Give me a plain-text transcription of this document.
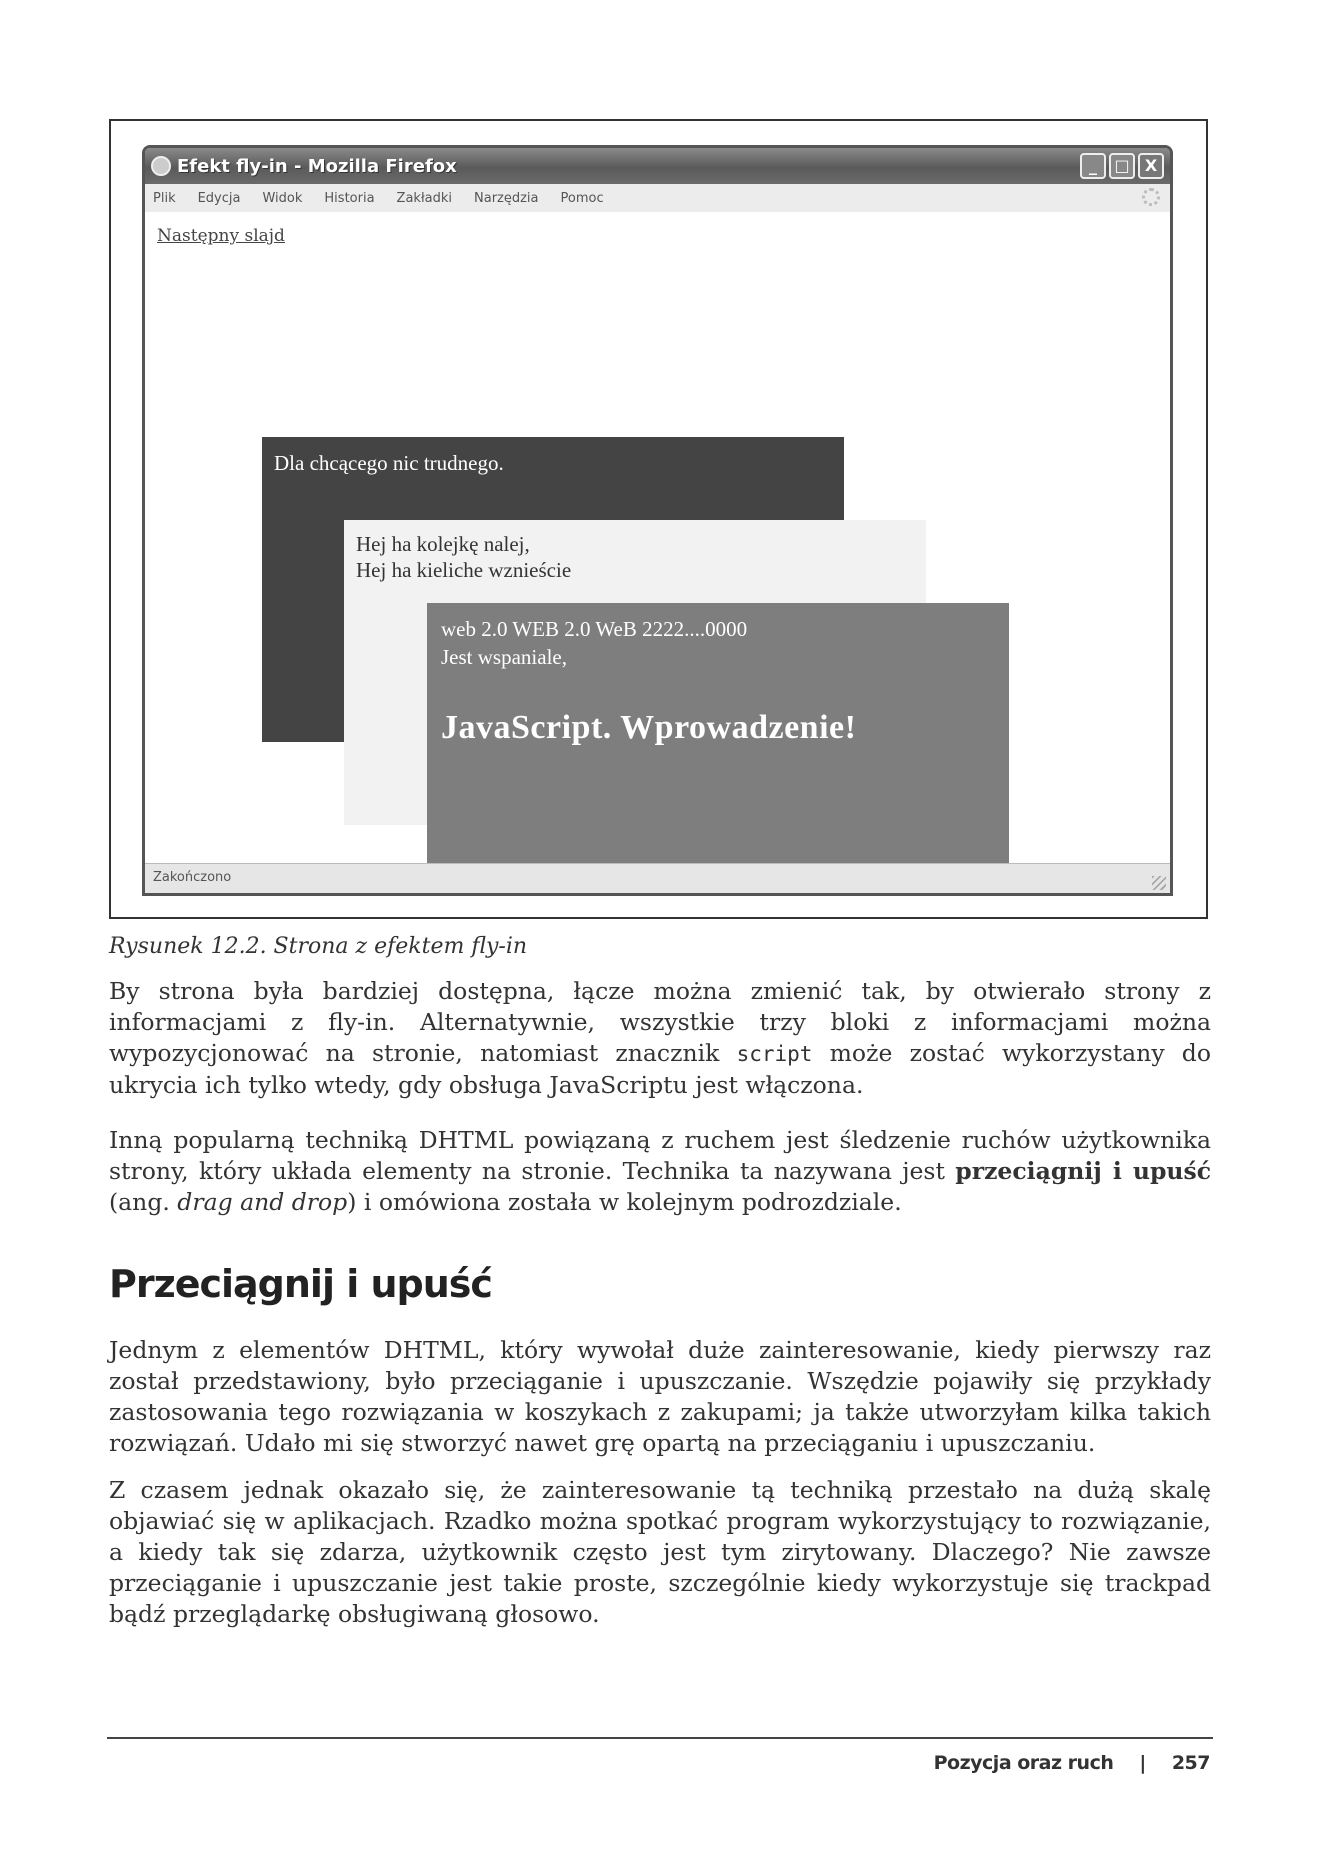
Efekt fly-in - Mozilla Firefox	_	□ X
Plik Edycja Widok Historia Zakładki Narzędzia Pomoc
Następny slajd
Dla chcącego nic trudnego.
Hej ha kolejkę nalej,
Hej ha kieliche wznieście
web 2.0 WEB 2.0 WeB 2222....0000
Jest wspaniale,
JavaScript. Wprowadzenie!
Zakończono
Rysunek 12.2. Strona z efektem fly-in

By strona była bardziej dostępna, łącze można zmienić tak, by otwierało strony z informacjami z fly-in. Alternatywnie, wszystkie trzy bloki z informacjami można wypozycjonować na stronie, natomiast znacznik script może zostać wykorzystany do ukrycia ich tylko wtedy, gdy obsługa JavaScriptu jest włączona.

Inną popularną techniką DHTML powiązaną z ruchem jest śledzenie ruchów użytkownika strony, który układa elementy na stronie. Technika ta nazywana jest przeciągnij i upuść (ang. drag and drop) i omówiona została w kolejnym podrozdziale.

Przeciągnij i upuść

Jednym z elementów DHTML, który wywołał duże zainteresowanie, kiedy pierwszy raz został przedstawiony, było przeciąganie i upuszczanie. Wszędzie pojawiły się przykłady zastosowania tego rozwiązania w koszykach z zakupami; ja także utworzyłam kilka takich rozwiązań. Udało mi się stworzyć nawet grę opartą na przeciąganiu i upuszczaniu.

Z czasem jednak okazało się, że zainteresowanie tą techniką przestało na dużą skalę objawiać się w aplikacjach. Rzadko można spotkać program wykorzystujący to rozwiązanie, a kiedy tak się zdarza, użytkownik często jest tym zirytowany. Dlaczego? Nie zawsze przeciąganie i upuszczanie jest takie proste, szczególnie kiedy wykorzystuje się trackpad bądź przeglądarkę obsługiwaną głosowo.

Pozycja oraz ruch | 257
